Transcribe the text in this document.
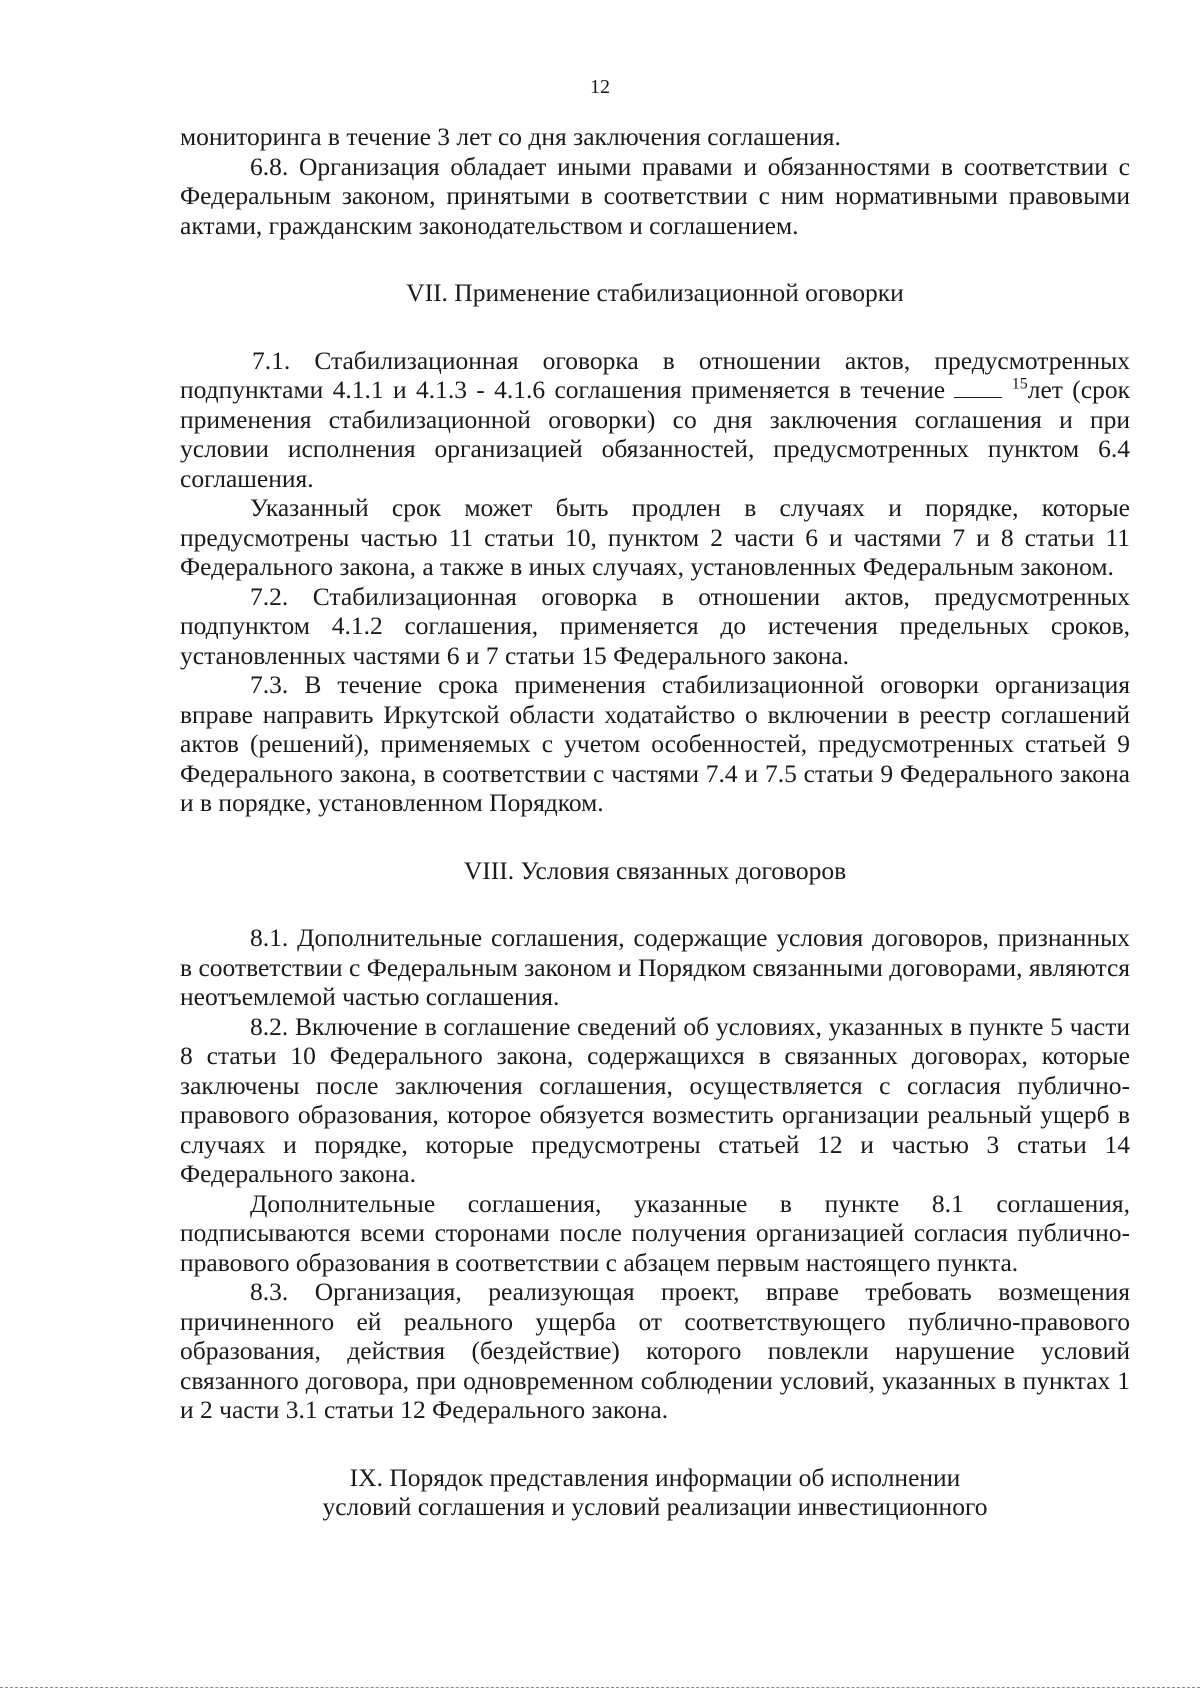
12

мониторинга в течение 3 лет со дня заключения соглашения.

6.8. Организация обладает иными правами и обязанностями в соответствии с Федеральным законом, принятыми в соответствии с ним нормативными правовыми актами, гражданским законодательством и соглашением.

VII. Применение стабилизационной оговорки

7.1. Стабилизационная оговорка в отношении актов, предусмотренных подпунктами 4.1.1 и 4.1.3 - 4.1.6 соглашения применяется в течение	$^{15}$лет (срок применения стабилизационной оговорки) со дня заключения соглашения и при условии исполнения организацией обязанностей, предусмотренных пунктом 6.4 соглашения.

Указанный срок может быть продлен в случаях и порядке, которые предусмотрены частью 11 статьи 10, пунктом 2 части 6 и частями 7 и 8 статьи 11 Федерального закона, а также в иных случаях, установленных Федеральным законом.

7.2. Стабилизационная оговорка в отношении актов, предусмотренных подпунктом 4.1.2 соглашения, применяется до истечения предельных сроков, установленных частями 6 и 7 статьи 15 Федерального закона.

7.3. В течение срока применения стабилизационной оговорки организация вправе направить Иркутской области ходатайство о включении в реестр соглашений актов (решений), применяемых с учетом особенностей, предусмотренных статьей 9 Федерального закона, в соответствии с частями 7.4 и 7.5 статьи 9 Федерального закона и в порядке, установленном Порядком.

VIII. Условия связанных договоров

8.1. Дополнительные соглашения, содержащие условия договоров, признанных в соответствии с Федеральным законом и Порядком связанными договорами, являются неотъемлемой частью соглашения.

8.2. Включение в соглашение сведений об условиях, указанных в пункте 5 части 8 статьи 10 Федерального закона, содержащихся в связанных договорах, которые заключены после заключения соглашения, осуществляется с согласия публично-правового образования, которое обязуется возместить организации реальный ущерб в случаях и порядке, которые предусмотрены статьей 12 и частью 3 статьи 14 Федерального закона.

Дополнительные соглашения, указанные в пункте 8.1 соглашения, подписываются всеми сторонами после получения организацией согласия публично-правового образования в соответствии с абзацем первым настоящего пункта.

8.3. Организация, реализующая проект, вправе требовать возмещения причиненного ей реального ущерба от соответствующего публично-правового образования, действия (бездействие) которого повлекли нарушение условий связанного договора, при одновременном соблюдении условий, указанных в пунктах 1 и 2 части 3.1 статьи 12 Федерального закона.

IX. Порядок представления информации об исполнении
условий соглашения и условий реализации инвестиционного
